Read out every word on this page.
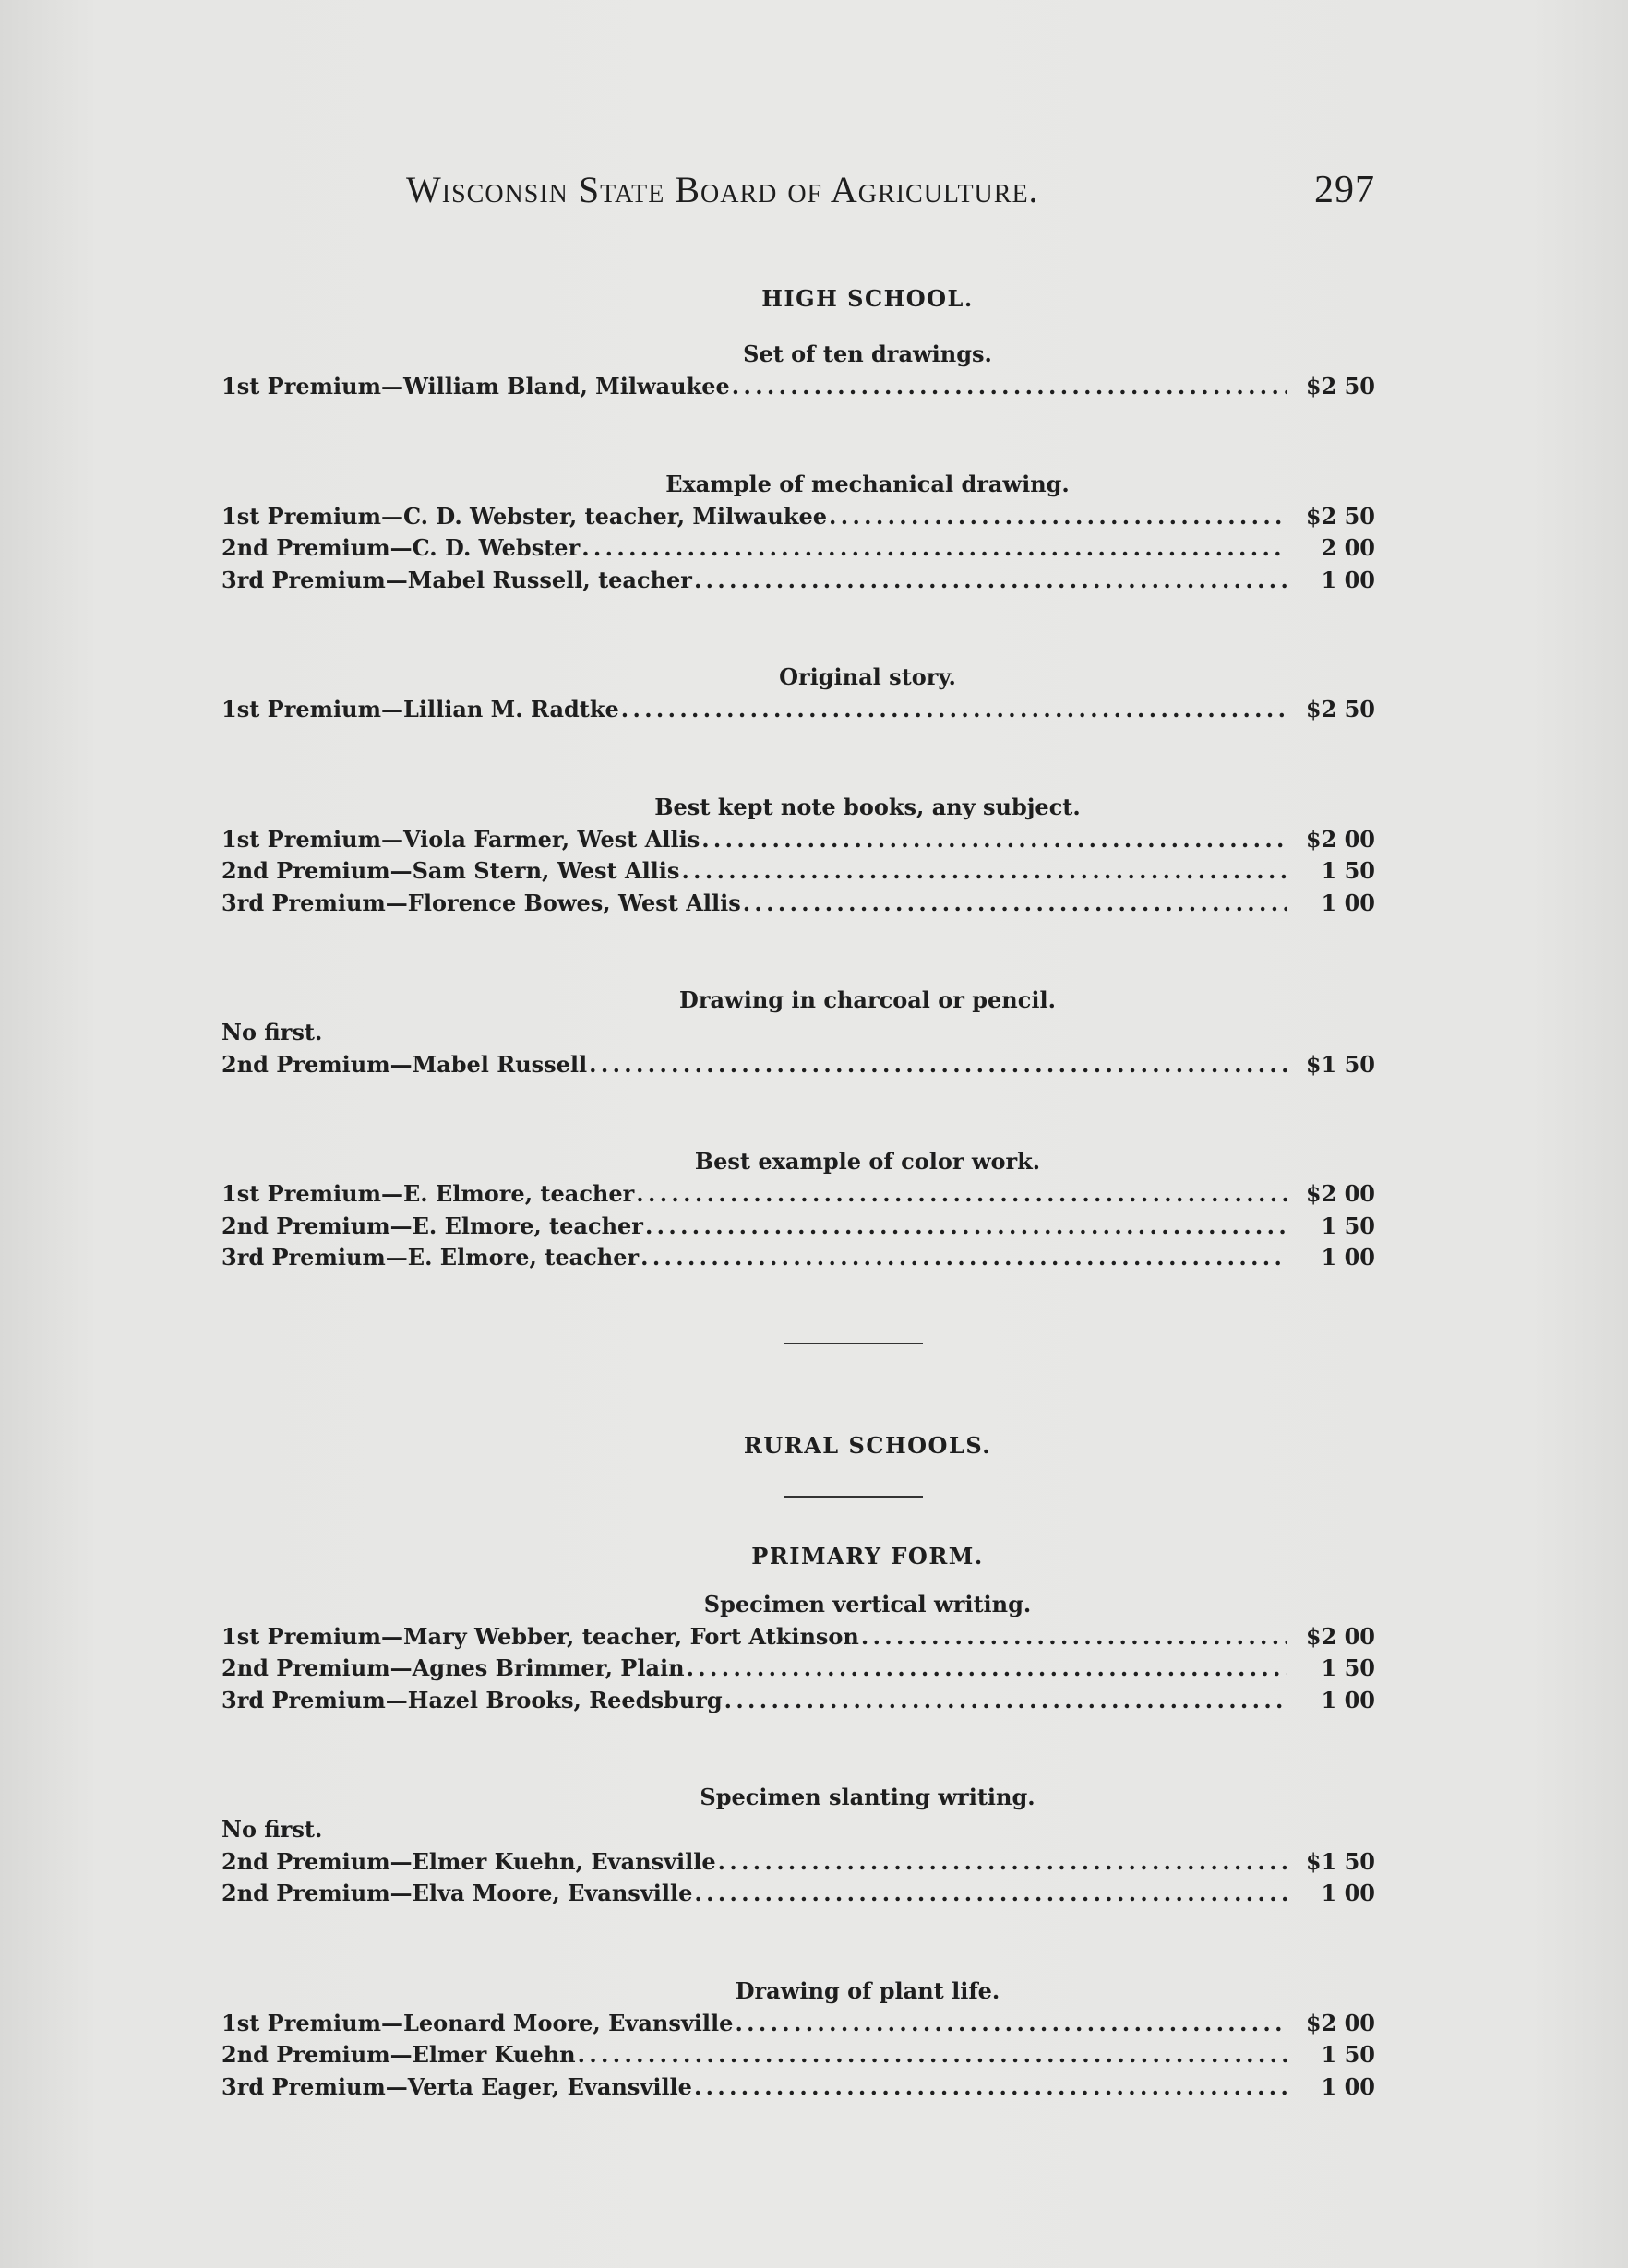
Wisconsin State Board of Agriculture.	297
HIGH SCHOOL.
Set of ten drawings.
1st Premium—William Bland, Milwaukee . . .	$2 50
Example of mechanical drawing.
1st Premium—C. D. Webster, teacher, Milwaukee . . .	$2 50
2nd Premium—C. D. Webster . . .	2 00
3rd Premium—Mabel Russell, teacher . . .	1 00
Original story.
1st Premium—Lillian M. Radtke . . .	$2 50
Best kept note books, any subject.
1st Premium—Viola Farmer, West Allis . . .	$2 00
2nd Premium—Sam Stern, West Allis . . .	1 50
3rd Premium—Florence Bowes, West Allis . . .	1 00
Drawing in charcoal or pencil.
No first.
2nd Premium—Mabel Russell . . .	$1 50
Best example of color work.
1st Premium—E. Elmore, teacher . . .	$2 00
2nd Premium—E. Elmore, teacher . . .	1 50
3rd Premium—E. Elmore, teacher . . .	1 00
RURAL SCHOOLS.
PRIMARY FORM.
Specimen vertical writing.
1st Premium—Mary Webber, teacher, Fort Atkinson . . .	$2 00
2nd Premium—Agnes Brimmer, Plain . . .	1 50
3rd Premium—Hazel Brooks, Reedsburg . . .	1 00
Specimen slanting writing.
No first.
2nd Premium—Elmer Kuehn, Evansville . . .	$1 50
2nd Premium—Elva Moore, Evansville . . .	1 00
Drawing of plant life.
1st Premium—Leonard Moore, Evansville . . .	$2 00
2nd Premium—Elmer Kuehn . . .	1 50
3rd Premium—Verta Eager, Evansville . . .	1 00
